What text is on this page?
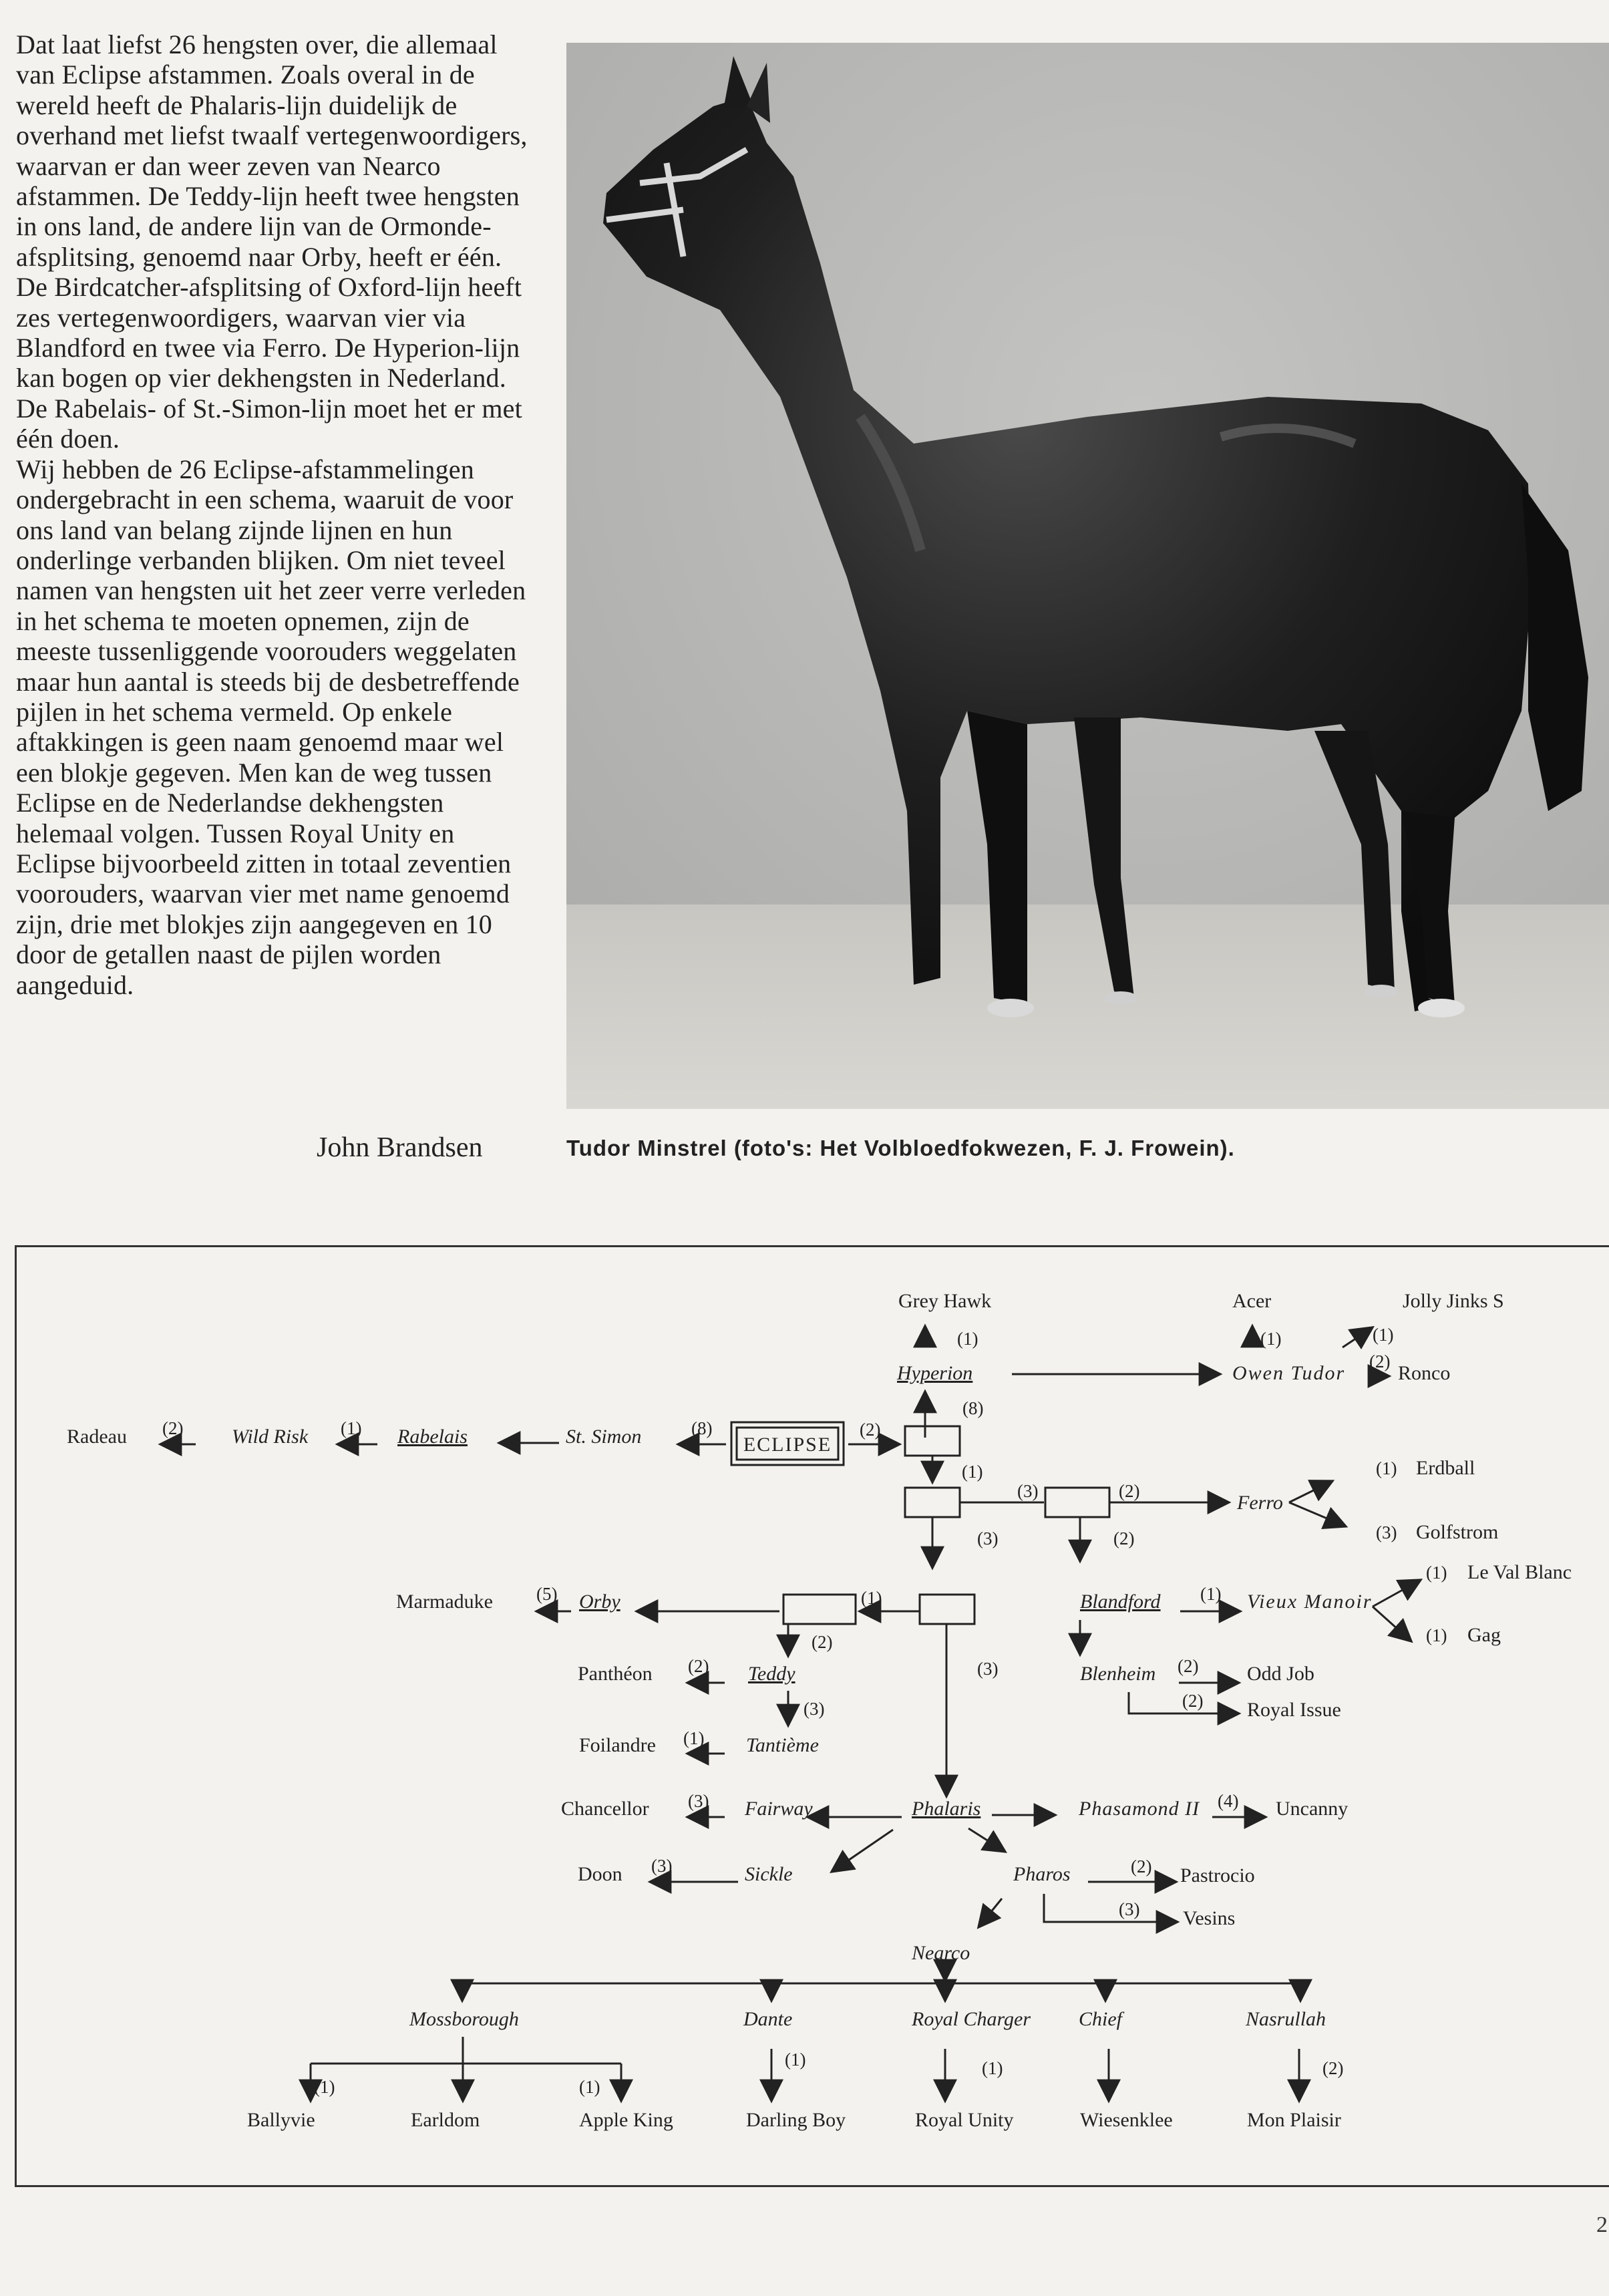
Dat laat liefst 26 hengsten over, die allemaal van Eclipse afstammen. Zoals overal in de wereld heeft de Phalaris-lijn duidelijk de overhand met liefst twaalf vertegenwoordigers, waarvan er dan weer zeven van Nearco afstammen. De Teddy-lijn heeft twee hengsten in ons land, de andere lijn van de Ormonde-afsplitsing, genoemd naar Orby, heeft er één. De Birdcatcher-afsplitsing of Oxford-lijn heeft zes vertegenwoordigers, waarvan vier via Blandford en twee via Ferro. De Hyperion-lijn kan bogen op vier dekhengsten in Nederland. De Rabelais- of St.-Simon-lijn moet het er met één doen.
Wij hebben de 26 Eclipse-afstammelingen ondergebracht in een schema, waaruit de voor ons land van belang zijnde lijnen en hun onderlinge verbanden blijken. Om niet teveel namen van hengsten uit het zeer verre verleden in het schema te moeten opnemen, zijn de meeste tussenliggende voorouders weggelaten maar hun aantal is steeds bij de desbetreffende pijlen in het schema vermeld. Op enkele aftakkingen is geen naam genoemd maar wel een blokje gegeven. Men kan de weg tussen Eclipse en de Nederlandse dekhengsten helemaal volgen. Tussen Royal Unity en Eclipse bijvoorbeeld zitten in totaal zeventien voorouders, waarvan vier met name genoemd zijn, drie met blokjes zijn aangegeven en 10 door de getallen naast de pijlen worden aangeduid.
John Brandsen	Tudor Minstrel (foto's: Het Volbloedfokwezen, F. J. Frowein).
Grey Hawk
(1)
Hyperion
Acer
(1)
Owen Tudor
(1)
Jolly Jinks S
(2)
Ronco
(8)
Radeau (2) Wild Risk (1) Rabelais	St. Simon	(8)
ECLIPSE
(2)
(1)
(3)	(2)
Ferro
(1) Erdball
(3) Golfstrom
(3)	(2)
Marmaduke (5) Orby	(1)	Blandford (1) Vieux Manoir
(1) Le Val Blanc
(1) Gag
(2)
Panthéon (2) Teddy
(3)
Foilandre (1) Tantième
(3)	Blenheim (2) Odd Job
(2) Royal Issue
Chancellor (3) Fairway	Phalaris	Phasamond II (4) Uncanny
Doon (3)	Sickle	Pharos	(2) Pastrocio
(3) Vesins
Nearco
Mossborough	Dante	Royal Charger Chief	Nasrullah
(1)	(1)
(1)	(1)	(2)
Ballyvie	Earldom	Apple King	Darling Boy	Royal Unity	Wiesenklee	Mon Plaisir
2
